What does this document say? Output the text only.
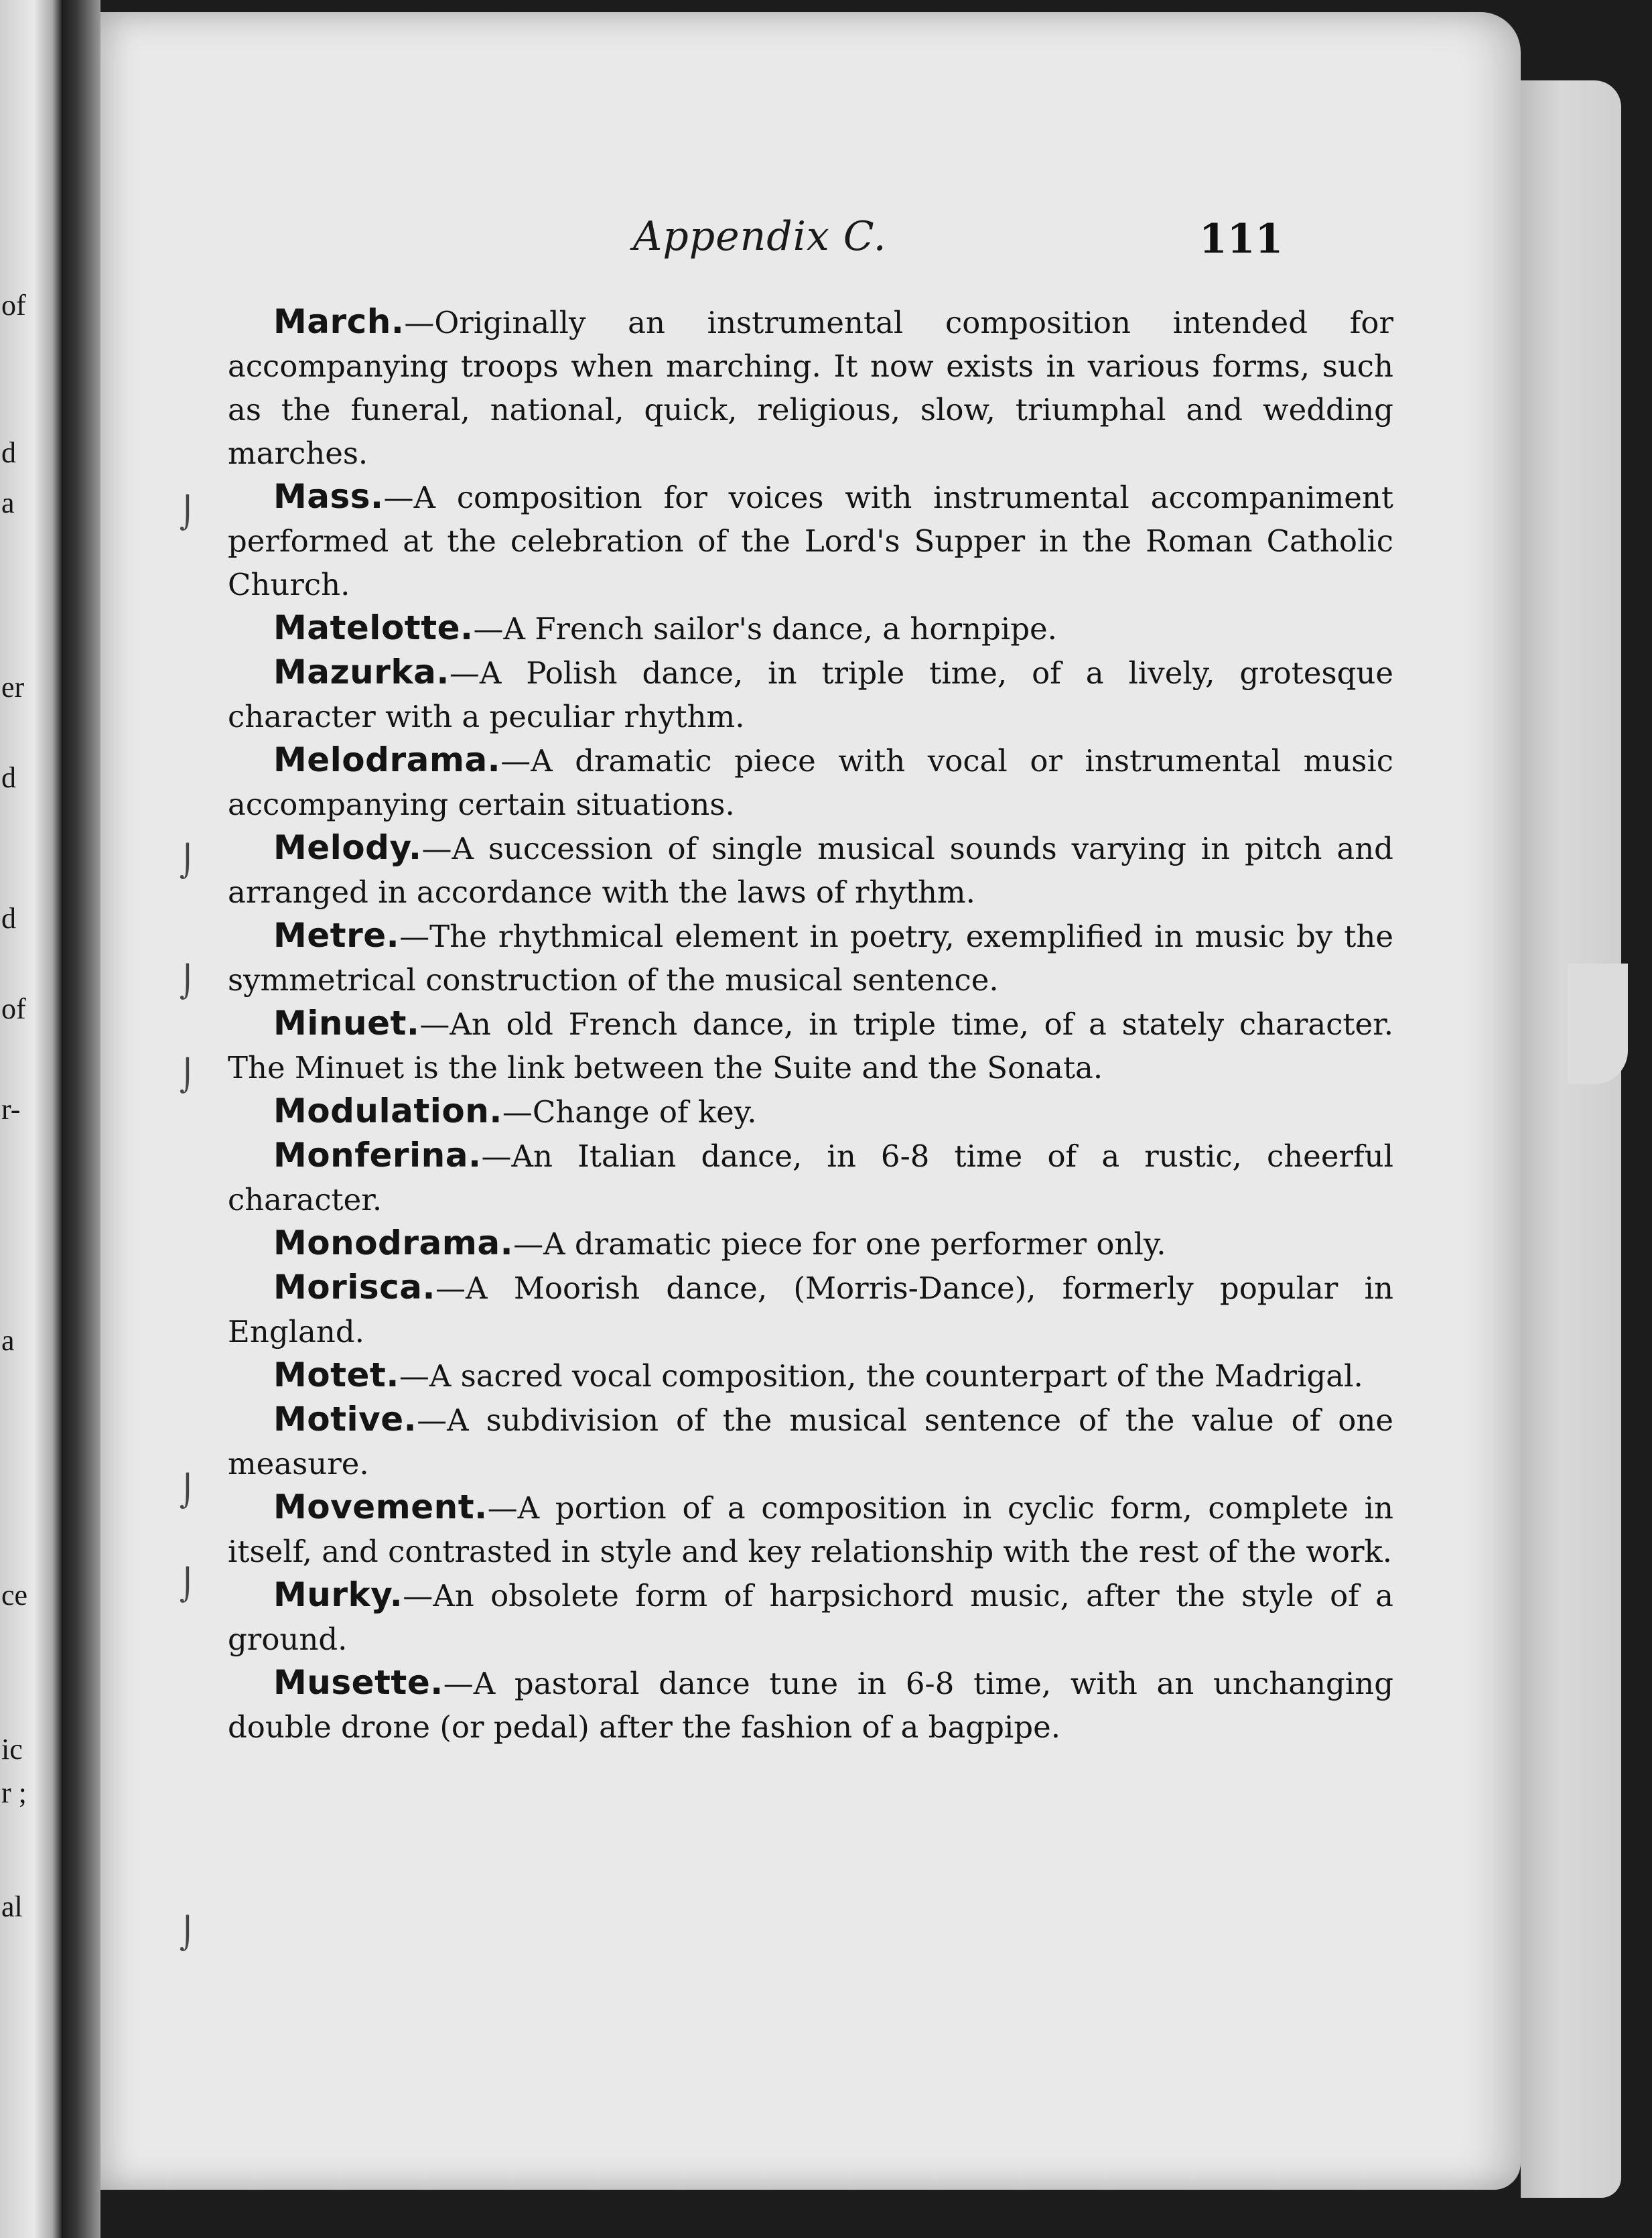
of
d
a
er
d
d
of
r-
a
ce
ic
r ;
al
Appendix C.	111
⌡
⌡
⌡
⌡
⌡
⌡
⌡

March.—Originally an instrumental composition intended for accompanying troops when marching. It now exists in various forms, such as the funeral, national, quick, religious, slow, triumphal and wedding marches.

Mass.—A composition for voices with instrumental accompaniment performed at the celebration of the Lord's Supper in the Roman Catholic Church.

Matelotte.—A French sailor's dance, a hornpipe.

Mazurka.—A Polish dance, in triple time, of a lively, grotesque character with a peculiar rhythm.

Melodrama.—A dramatic piece with vocal or instrumental music accompanying certain situations.

Melody.—A succession of single musical sounds varying in pitch and arranged in accordance with the laws of rhythm.

Metre.—The rhythmical element in poetry, exemplified in music by the symmetrical construction of the musical sentence.

Minuet.—An old French dance, in triple time, of a stately character. The Minuet is the link between the Suite and the Sonata.

Modulation.—Change of key.

Monferina.—An Italian dance, in 6-8 time of a rustic, cheerful character.

Monodrama.—A dramatic piece for one performer only.

Morisca.—A Moorish dance, (Morris-Dance), formerly popular in England.

Motet.—A sacred vocal composition, the counterpart of the Madrigal.

Motive.—A subdivision of the musical sentence of the value of one measure.

Movement.—A portion of a composition in cyclic form, complete in itself, and contrasted in style and key relationship with the rest of the work.

Murky.—An obsolete form of harpsichord music, after the style of a ground.

Musette.—A pastoral dance tune in 6-8 time, with an unchanging double drone (or pedal) after the fashion of a bagpipe.
